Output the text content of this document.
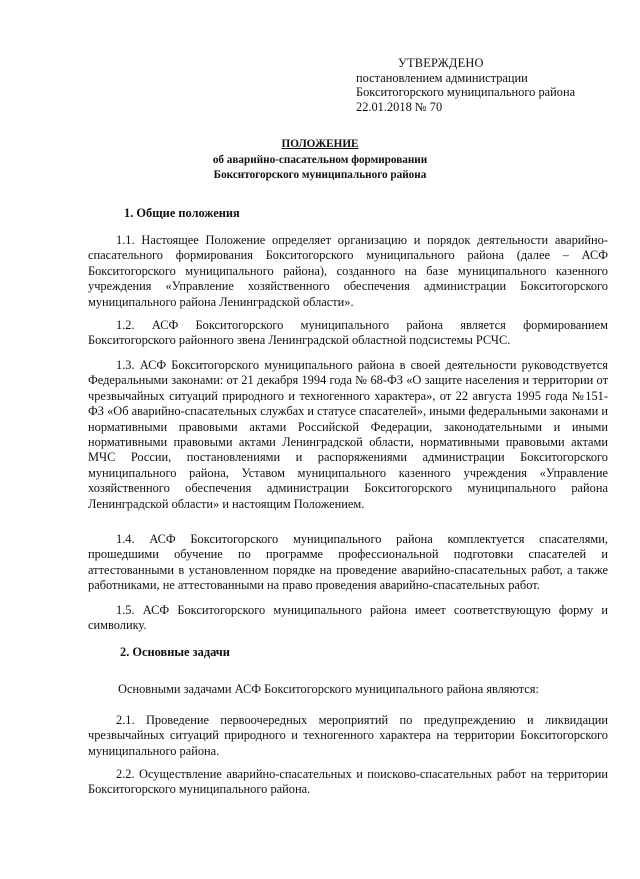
УТВЕРЖДЕНО
постановлением администрации
Бокситогорского муниципального района
22.01.2018 № 70
ПОЛОЖЕНИЕ
об аварийно-спасательном формировании
Бокситогорского муниципального района
1. Общие положения

1.1. Настоящее Положение определяет организацию и порядок деятельности аварийно-спасательного формирования Бокситогорского муниципального района (далее – АСФ Бокситогорского муниципального района), созданного на базе муниципального казенного учреждения «Управление хозяйственного обеспечения администрации Бокситогорского муниципального района Ленинградской области».

1.2. АСФ Бокситогорского муниципального района является формированием Бокситогорского районного звена Ленинградской областной подсистемы РСЧС.

1.3. АСФ Бокситогорского муниципального района в своей деятельности руководствуется Федеральными законами: от 21 декабря 1994 года № 68-ФЗ «О защите населения и территории от чрезвычайных ситуаций природного и техногенного характера», от 22 августа 1995 года №151-ФЗ «Об аварийно-спасательных службах и статусе спасателей», иными федеральными законами и нормативными правовыми актами Российской Федерации, законодательными и иными нормативными правовыми актами Ленинградской области, нормативными правовыми актами МЧС России, постановлениями и распоряжениями администрации Бокситогорского муниципального района, Уставом муниципального казенного учреждения «Управление хозяйственного обеспечения администрации Бокситогорского муниципального района Ленинградской области» и настоящим Положением.

1.4. АСФ Бокситогорского муниципального района комплектуется спасателями, прошедшими обучение по программе профессиональной подготовки спасателей и аттестованными в установленном порядке на проведение аварийно-спасательных работ, а также работниками, не аттестованными на право проведения аварийно-спасательных работ.

1.5. АСФ Бокситогорского муниципального района имеет соответствующую форму и символику.

2. Основные задачи

Основными задачами АСФ Бокситогорского муниципального района являются:

2.1. Проведение первоочередных мероприятий по предупреждению и ликвидации чрезвычайных ситуаций природного и техногенного характера на территории Бокситогорского муниципального района.

2.2. Осуществление аварийно-спасательных и поисково-спасательных работ на территории Бокситогорского муниципального района.
